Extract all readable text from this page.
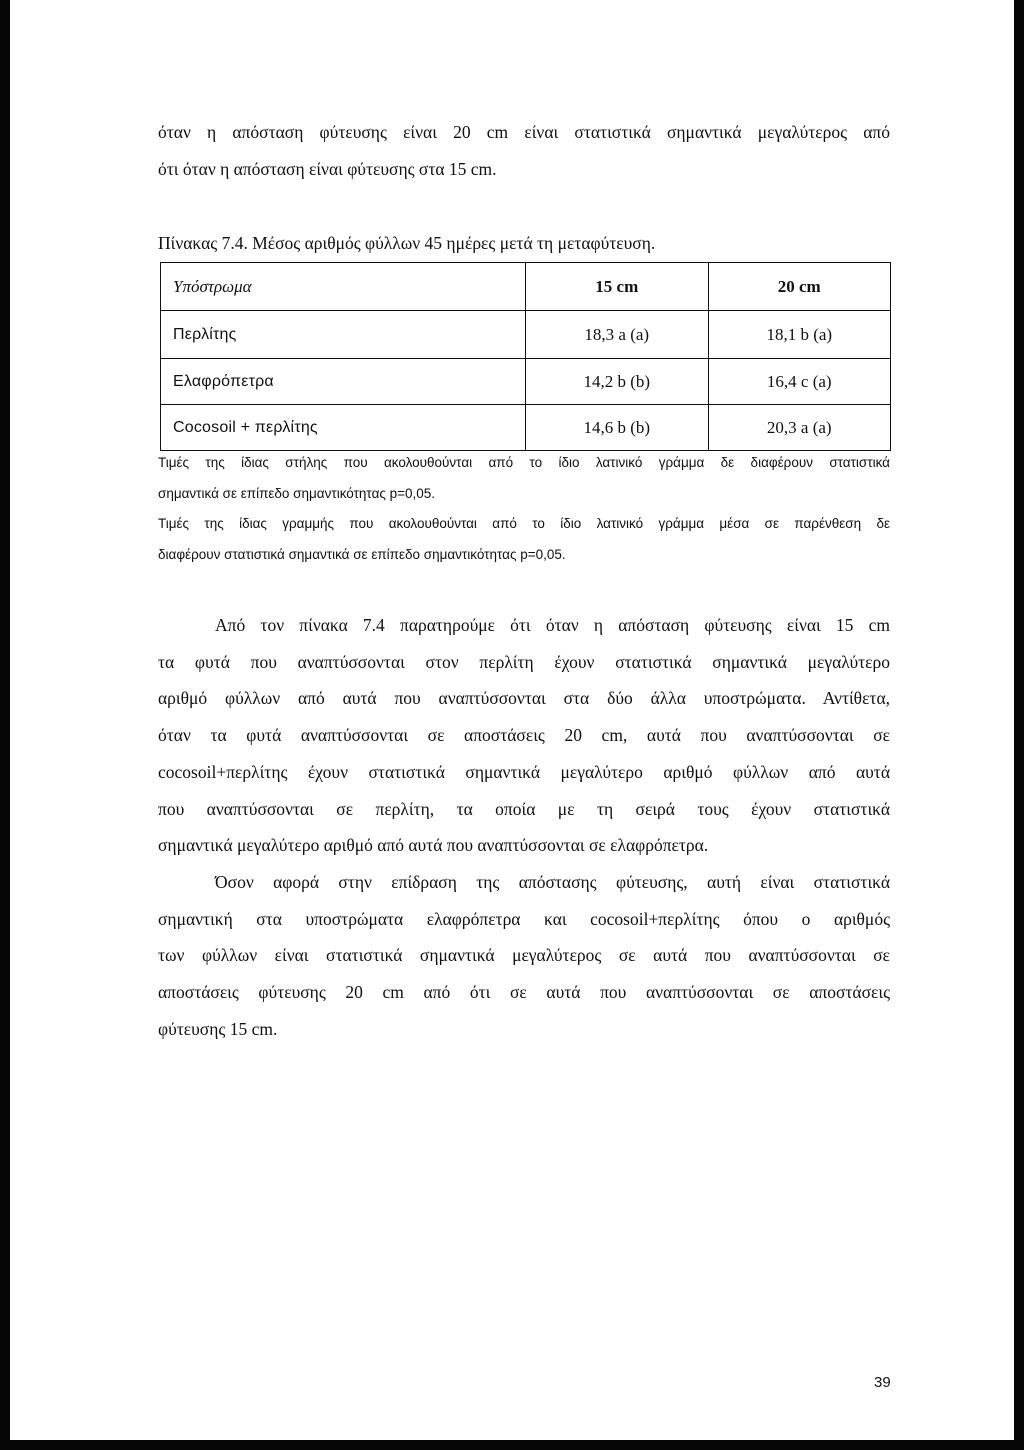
όταν η απόσταση φύτευσης είναι 20 cm είναι στατιστικά σημαντικά μεγαλύτερος από
ότι όταν η απόσταση είναι φύτευσης στα 15 cm.
Πίνακας 7.4. Μέσος αριθμός φύλλων 45 ημέρες μετά τη μεταφύτευση.
Υπόστρωμα	15 cm	20 cm
Περλίτης	18,3 a (a)	18,1 b (a)
Ελαφρόπετρα	14,2 b (b)	16,4 c (a)
Cocosoil + περλίτης	14,6 b (b)	20,3 a (a)
Τιμές της ίδιας στήλης που ακολουθούνται από το ίδιο λατινικό γράμμα δε διαφέρουν στατιστικά
σημαντικά σε επίπεδο σημαντικότητας p=0,05.
Τιμές της ίδιας γραμμής που ακολουθούνται από το ίδιο λατινικό γράμμα μέσα σε παρένθεση δε
διαφέρουν στατιστικά σημαντικά σε επίπεδο σημαντικότητας p=0,05.
Από τον πίνακα 7.4 παρατηρούμε ότι όταν η απόσταση φύτευσης είναι 15 cm
τα φυτά που αναπτύσσονται στον περλίτη έχουν στατιστικά σημαντικά μεγαλύτερο
αριθμό φύλλων από αυτά που αναπτύσσονται στα δύο άλλα υποστρώματα. Αντίθετα,
όταν τα φυτά αναπτύσσονται σε αποστάσεις 20 cm, αυτά που αναπτύσσονται σε
cocosoil+περλίτης έχουν στατιστικά σημαντικά μεγαλύτερο αριθμό φύλλων από αυτά
που αναπτύσσονται σε περλίτη, τα οποία με τη σειρά τους έχουν στατιστικά
σημαντικά μεγαλύτερο αριθμό από αυτά που αναπτύσσονται σε ελαφρόπετρα.
Όσον αφορά στην επίδραση της απόστασης φύτευσης, αυτή είναι στατιστικά
σημαντική στα υποστρώματα ελαφρόπετρα και cocosoil+περλίτης όπου ο αριθμός
των φύλλων είναι στατιστικά σημαντικά μεγαλύτερος σε αυτά που αναπτύσσονται σε
αποστάσεις φύτευσης 20 cm από ότι σε αυτά που αναπτύσσονται σε αποστάσεις
φύτευσης 15 cm.
39
